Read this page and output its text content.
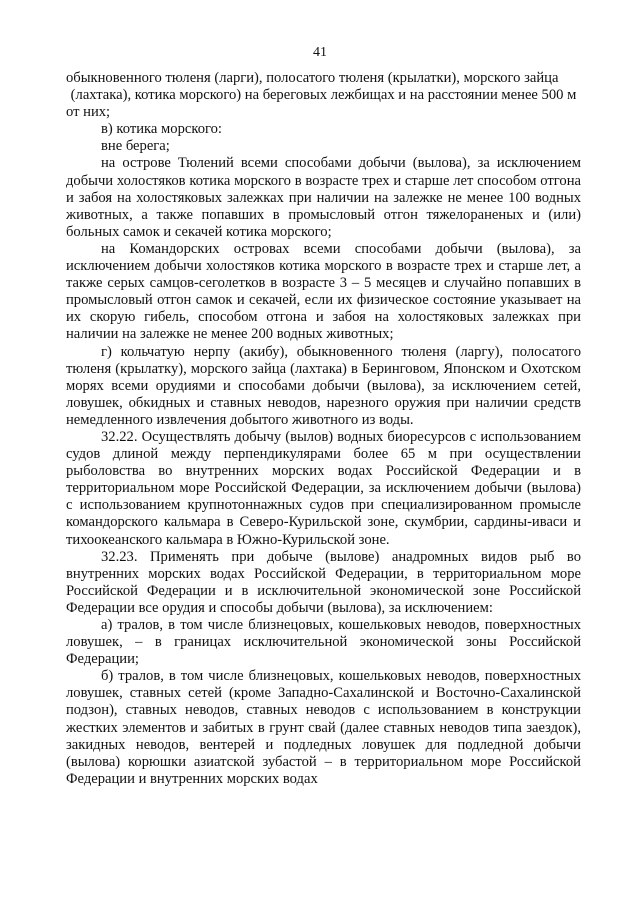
41

обыкновенного тюленя (ларги), полосатого тюленя (крылатки), морского зайца

(лахтака), котика морского) на береговых лежбищах и на расстоянии менее 500 м от них;

в) котика морского:

вне берега;

на острове Тюлений всеми способами добычи (вылова), за исключением добычи холостяков котика морского в возрасте трех и старше лет способом отгона и забоя на холостяковых залежках при наличии на залежке не менее 100 водных животных, а также попавших в промысловый отгон тяжелораненых и (или) больных самок и секачей котика морского;

на Командорских островах всеми способами добычи (вылова), за исключением добычи холостяков котика морского в возрасте трех и старше лет, а также серых самцов-сеголетков в возрасте 3 – 5 месяцев и случайно попавших в промысловый отгон самок и секачей, если их физическое состояние указывает на их скорую гибель, способом отгона и забоя на холостяковых залежках при наличии на залежке не менее 200 водных животных;

г) кольчатую нерпу (акибу), обыкновенного тюленя (ларгу), полосатого тюленя (крылатку), морского зайца (лахтака) в Беринговом, Японском и Охотском морях всеми орудиями и способами добычи (вылова), за исключением сетей, ловушек, обкидных и ставных неводов, нарезного оружия при наличии средств немедленного извлечения добытого животного из воды.

32.22. Осуществлять добычу (вылов) водных биоресурсов с использованием судов длиной между перпендикулярами более 65 м при осуществлении рыболовства во внутренних морских водах Российской Федерации и в территориальном море Российской Федерации, за исключением добычи (вылова) с использованием крупнотоннажных судов при специализированном промысле командорского кальмара в Северо-Курильской зоне, скумбрии, сардины-иваси и тихоокеанского кальмара в Южно-Курильской зоне.

32.23. Применять при добыче (вылове) анадромных видов рыб во внутренних морских водах Российской Федерации, в территориальном море Российской Федерации и в исключительной экономической зоне Российской Федерации все орудия и способы добычи (вылова), за исключением:

а) тралов, в том числе близнецовых, кошельковых неводов, поверхностных ловушек, – в границах исключительной экономической зоны Российской Федерации;

б) тралов, в том числе близнецовых, кошельковых неводов, поверхностных ловушек, ставных сетей (кроме Западно-Сахалинской и Восточно-Сахалинской подзон), ставных неводов, ставных неводов с использованием в конструкции жестких элементов и забитых в грунт свай (далее ставных неводов типа заездок), закидных неводов, вентерей и подледных ловушек для подледной добычи (вылова) корюшки азиатской зубастой – в территориальном море Российской Федерации и внутренних морских водах
